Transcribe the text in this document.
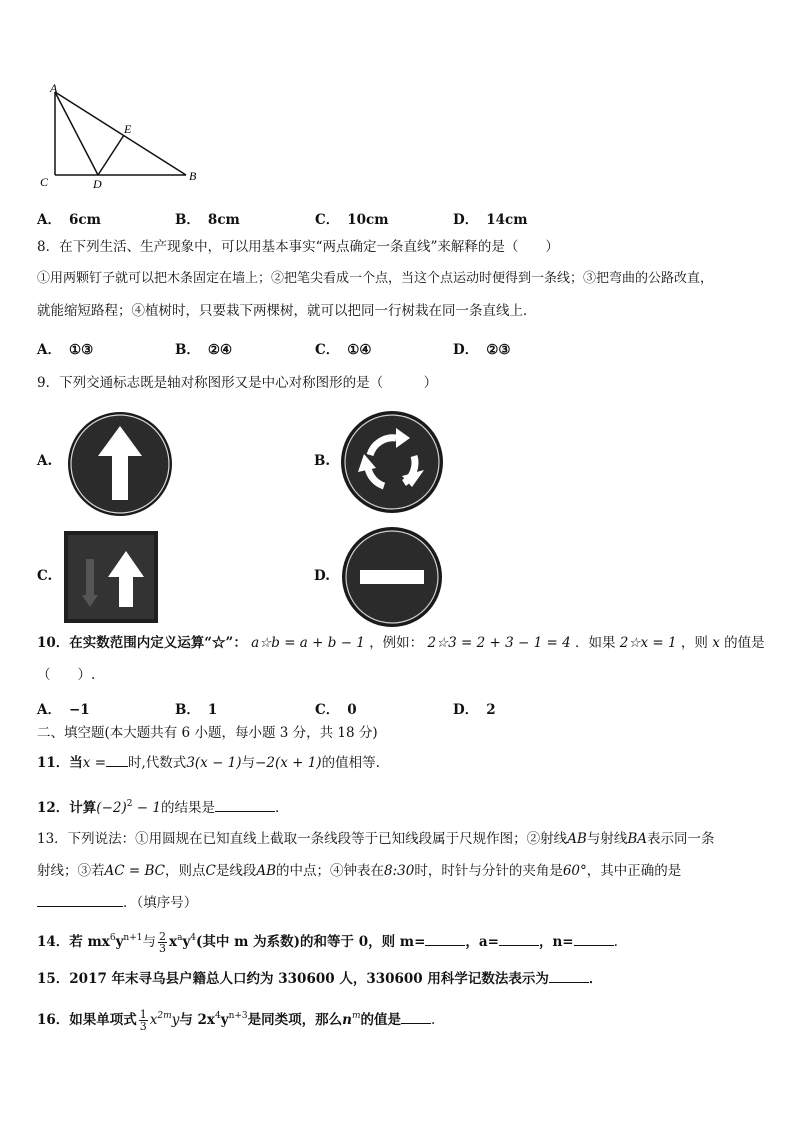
A
E
C	D
B
A． 6cm	B． 8cm	C． 10cm	D． 14cm
8．在下列生活、生产现象中，可以用基本事实“两点确定一条直线”来解释的是（　　）
①用两颗钉子就可以把木条固定在墙上；②把笔尖看成一个点，当这个点运动时便得到一条线；③把弯曲的公路改直，
就能缩短路程；④植树时，只要栽下两棵树，就可以把同一行树栽在同一条直线上．
A． ①③	B． ②④	C． ①④	D． ②③
9．下列交通标志既是轴对称图形又是中心对称图形的是（　　　）
A.	B.
C.	D.
10．在实数范围内定义运算“☆”： a☆b = a + b − 1 ，例如： 2☆3 = 2 + 3 − 1 = 4 ．如果 2☆x = 1 ，则 x 的值是
（　　）.
A． −1	B． 1	C． 0	D． 2
二、填空题(本大题共有 6 小题，每小题 3 分，共 18 分)
11．当x = 时,代数式3(x − 1)与−2(x + 1)的值相等.
12．计算$(-2)^2 - 1$的结果是	．
13．下列说法：①用圆规在已知直线上截取一条线段等于已知线段属于尺规作图；②射线AB与射线BA表示同一条
射线；③若AC = BC，则点C是线段AB的中点；④钟表在8:30时，时针与分针的夹角是60°，其中正确的是
．（填序号）
14．若 $mx^6y^{n+1}$与 $\frac{2}{3} x^ay^4$(其中 m 为系数)的和等于 0，则 m=	，a=	，n=	.
15．2017 年末寻乌县户籍总人口约为 330600 人，330600 用科学记数法表示为	．
16．如果单项式 $\frac{1}{3} x^{2m}y$与 $2x^4y^{n+3}$是同类项，那么$n^m$的值是 .
